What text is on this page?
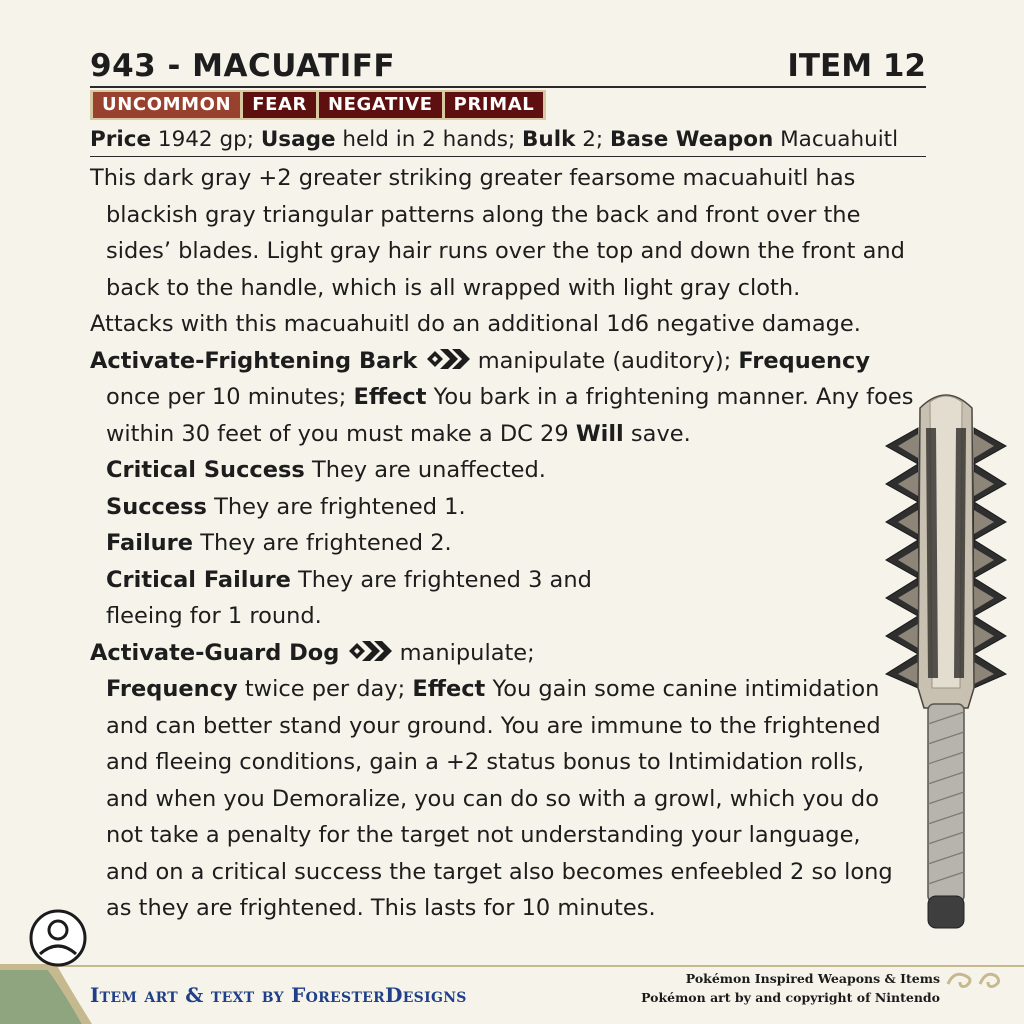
943 - MACUATIFF	ITEM 12
UNCOMMON	FEAR	NEGATIVE	PRIMAL
Price 1942 gp; Usage held in 2 hands; Bulk 2; Base Weapon Macuahuitl

This dark gray +2 greater striking greater fearsome macuahuitl has blackish gray triangular patterns along the back and front over the sides’ blades. Light gray hair runs over the top and down the front and back to the handle, which is all wrapped with light gray cloth.

Attacks with this macuahuitl do an additional 1d6 negative damage.

Activate-Frightening Bark  manipulate (auditory); Frequency once per 10 minutes; Effect You bark in a frightening manner. Any foes within 30 feet of you must make a DC 29 Will save.

Critical Success They are unaffected.

Success They are frightened 1.

Failure They are frightened 2.

Critical Failure They are frightened 3 and

fleeing for 1 round.

Activate-Guard Dog  manipulate;

Frequency twice per day; Effect You gain some canine intimidation and can better stand your ground. You are immune to the frightened and fleeing conditions, gain a +2 status bonus to Intimidation rolls, and when you Demoralize, you can do so with a growl, which you do not take a penalty for the target not understanding your language, and on a critical success the target also becomes enfeebled 2 so long as they are frightened. This lasts for 10 minutes.

Item art & text by ForesterDesigns
Pokémon Inspired Weapons & Items
Pokémon art by and copyright of Nintendo
